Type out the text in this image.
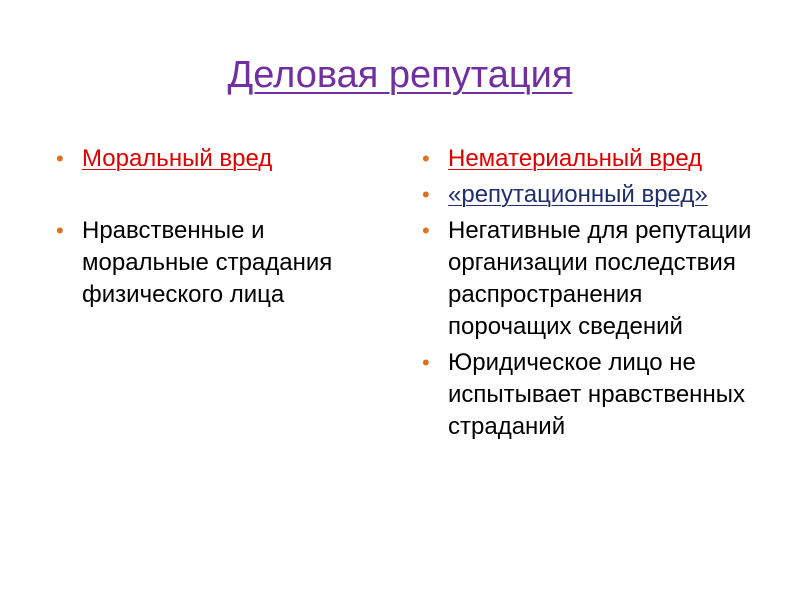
Деловая репутация
• Моральный вред
• Нравственные и моральные страдания физического лица
• Нематериальный вред
• «репутационный вред»
• Негативные для репутации организации последствия распространения порочащих сведений
• Юридическое лицо не испытывает нравственных страданий
